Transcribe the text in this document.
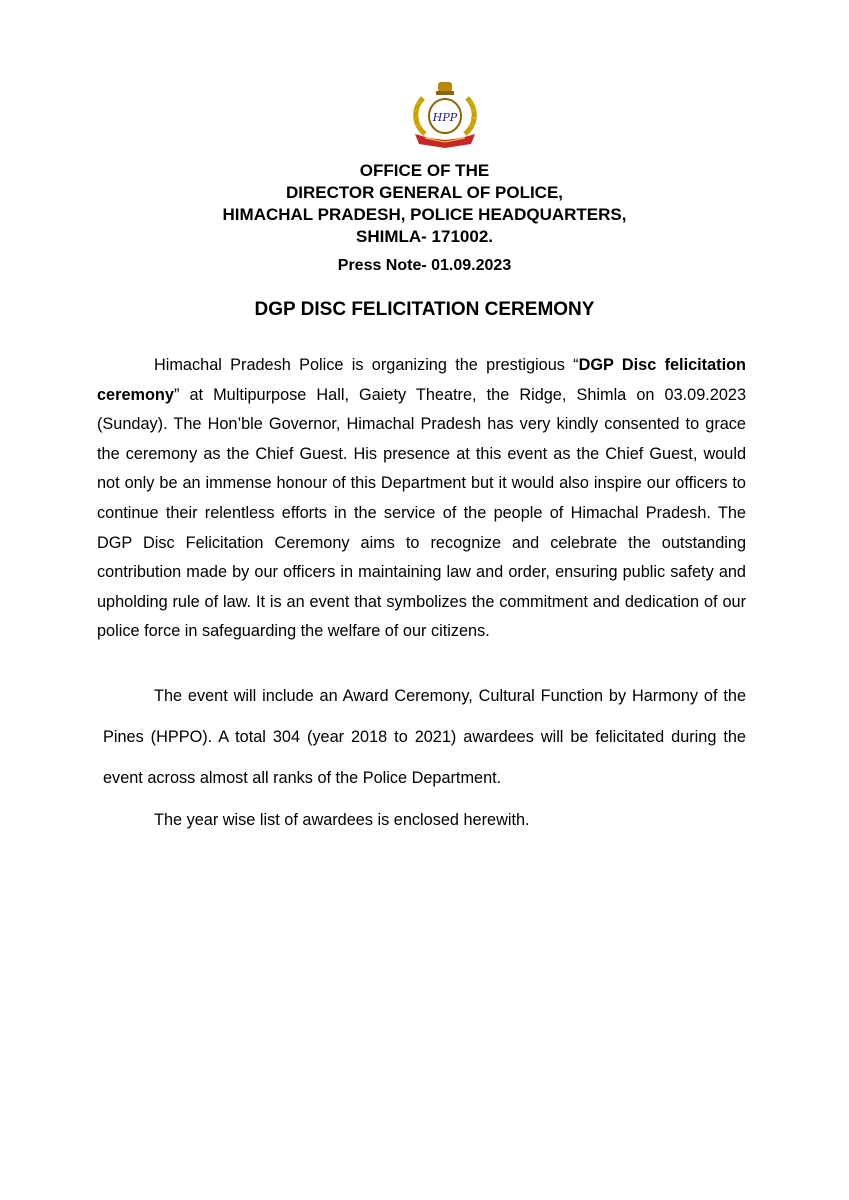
HPP
OFFICE OF THE
DIRECTOR GENERAL OF POLICE,
HIMACHAL PRADESH, POLICE HEADQUARTERS,
SHIMLA- 171002.
Press Note- 01.09.2023
DGP DISC FELICITATION CEREMONY

Himachal Pradesh Police is organizing the prestigious “DGP Disc felicitation ceremony” at Multipurpose Hall, Gaiety Theatre, the Ridge, Shimla on 03.09.2023 (Sunday). The Hon’ble Governor, Himachal Pradesh has very kindly consented to grace the ceremony as the Chief Guest. His presence at this event as the Chief Guest, would not only be an immense honour of this Department but it would also inspire our officers to continue their relentless efforts in the service of the people of Himachal Pradesh. The DGP Disc Felicitation Ceremony aims to recognize and celebrate the outstanding contribution made by our officers in maintaining law and order, ensuring public safety and upholding rule of law. It is an event that symbolizes the commitment and dedication of our police force in safeguarding the welfare of our citizens.

The event will include an Award Ceremony, Cultural Function by Harmony of the Pines (HPPO). A total 304 (year 2018 to 2021) awardees will be felicitated during the event across almost all ranks of the Police Department.

The year wise list of awardees is enclosed herewith.
